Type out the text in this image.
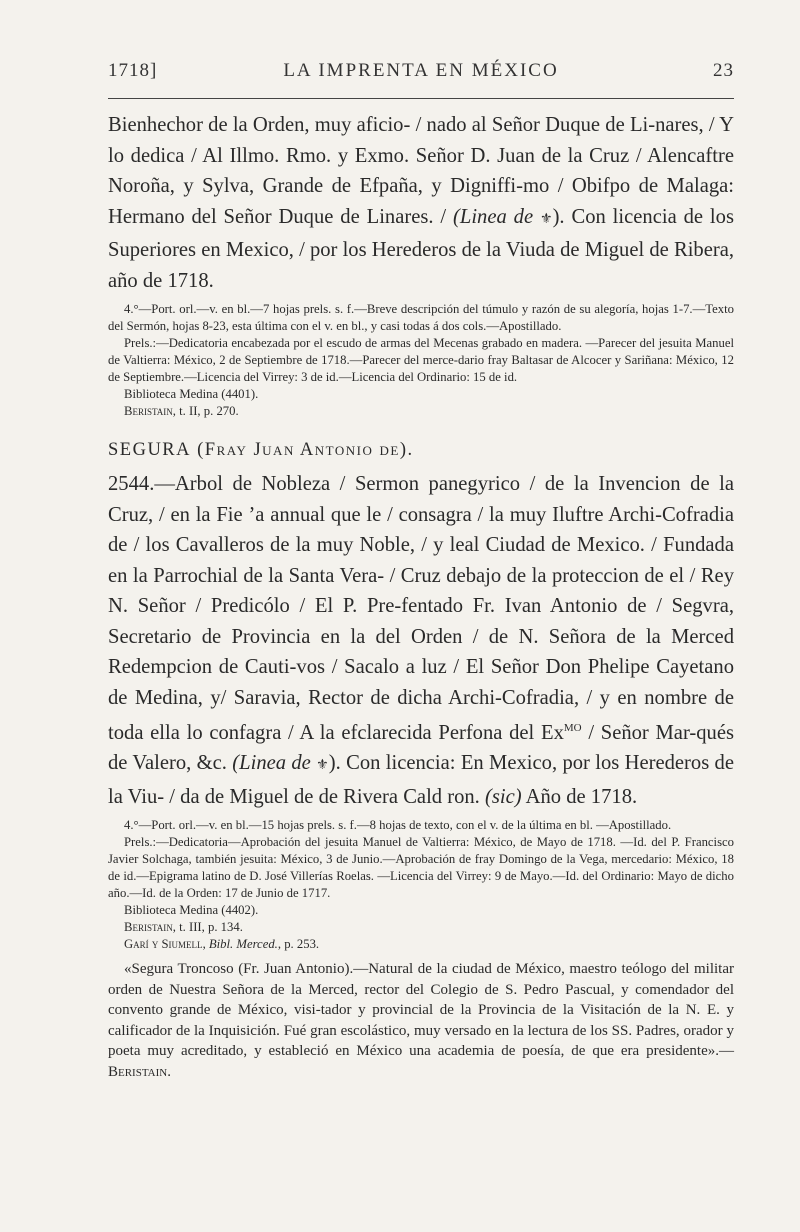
1718]	LA IMPRENTA EN MÉXICO	23

Bienhechor de la Orden, muy aficio- / nado al Señor Duque de Li-nares, / Y lo dedica / Al Illmo. Rmo. y Exmo. Señor D. Juan de la Cruz / Alencaftre Noroña, y Sylva, Grande de Efpaña, y Digniffi-mo / Obifpo de Malaga: Hermano del Señor Duque de Linares. / (Linea de ⚜). Con licencia de los Superiores en Mexico, / por los Herederos de la Viuda de Miguel de Ribera, año de 1718.

4.°—Port. orl.—v. en bl.—7 hojas prels. s. f.—Breve descripción del túmulo y razón de su alegoría, hojas 1-7.—Texto del Sermón, hojas 8-23, esta última con el v. en bl., y casi todas á dos cols.—Apostillado.

Prels.:—Dedicatoria encabezada por el escudo de armas del Mecenas grabado en madera. —Parecer del jesuita Manuel de Valtierra: México, 2 de Septiembre de 1718.—Parecer del merce-dario fray Baltasar de Alcocer y Sariñana: México, 12 de Septiembre.—Licencia del Virrey: 3 de id.—Licencia del Ordinario: 15 de id.

Biblioteca Medina (4401).

Beristain, t. II, p. 270.

SEGURA (Fray Juan Antonio de).

2544.—Arbol de Nobleza / Sermon panegyrico / de la Invencion de la Cruz, / en la Fie ’a annual que le / consagra / la muy Iluftre Archi-Cofradia de / los Cavalleros de la muy Noble, / y leal Ciudad de Mexico. / Fundada en la Parrochial de la Santa Vera- / Cruz debajo de la proteccion de el / Rey N. Señor / Predicólo / El P. Pre-fentado Fr. Ivan Antonio de / Segvra, Secretario de Provincia en la del Orden / de N. Señora de la Merced Redempcion de Cauti-vos / Sacalo a luz / El Señor Don Phelipe Cayetano de Medina, y/ Saravia, Rector de dicha Archi-Cofradia, / y en nombre de toda ella lo confagra / A la efclarecida Perfona del $Ex^{MO}$ / Señor Mar-qués de Valero, &c. (Linea de ⚜). Con licencia: En Mexico, por los Herederos de la Viu- / da de Miguel de de Rivera Cald ron. (sic) Año de 1718.

4.°—Port. orl.—v. en bl.—15 hojas prels. s. f.—8 hojas de texto, con el v. de la última en bl. —Apostillado.

Prels.:—Dedicatoria—Aprobación del jesuita Manuel de Valtierra: México, de Mayo de 1718. —Id. del P. Francisco Javier Solchaga, también jesuita: México, 3 de Junio.—Aprobación de fray Domingo de la Vega, mercedario: México, 18 de id.—Epigrama latino de D. José Villerías Roelas. —Licencia del Virrey: 9 de Mayo.—Id. del Ordinario: Mayo de dicho año.—Id. de la Orden: 17 de Junio de 1717.

Biblioteca Medina (4402).

Beristain, t. III, p. 134.

Garí y Siumell, Bibl. Merced., p. 253.

«Segura Troncoso (Fr. Juan Antonio).—Natural de la ciudad de México, maestro teólogo del militar orden de Nuestra Señora de la Merced, rector del Colegio de S. Pedro Pascual, y comendador del convento grande de México, visi-tador y provincial de la Provincia de la Visitación de la N. E. y calificador de la Inquisición. Fué gran escolástico, muy versado en la lectura de los SS. Padres, orador y poeta muy acreditado, y estableció en México una academia de poesía, de que era presidente».—Beristain.
